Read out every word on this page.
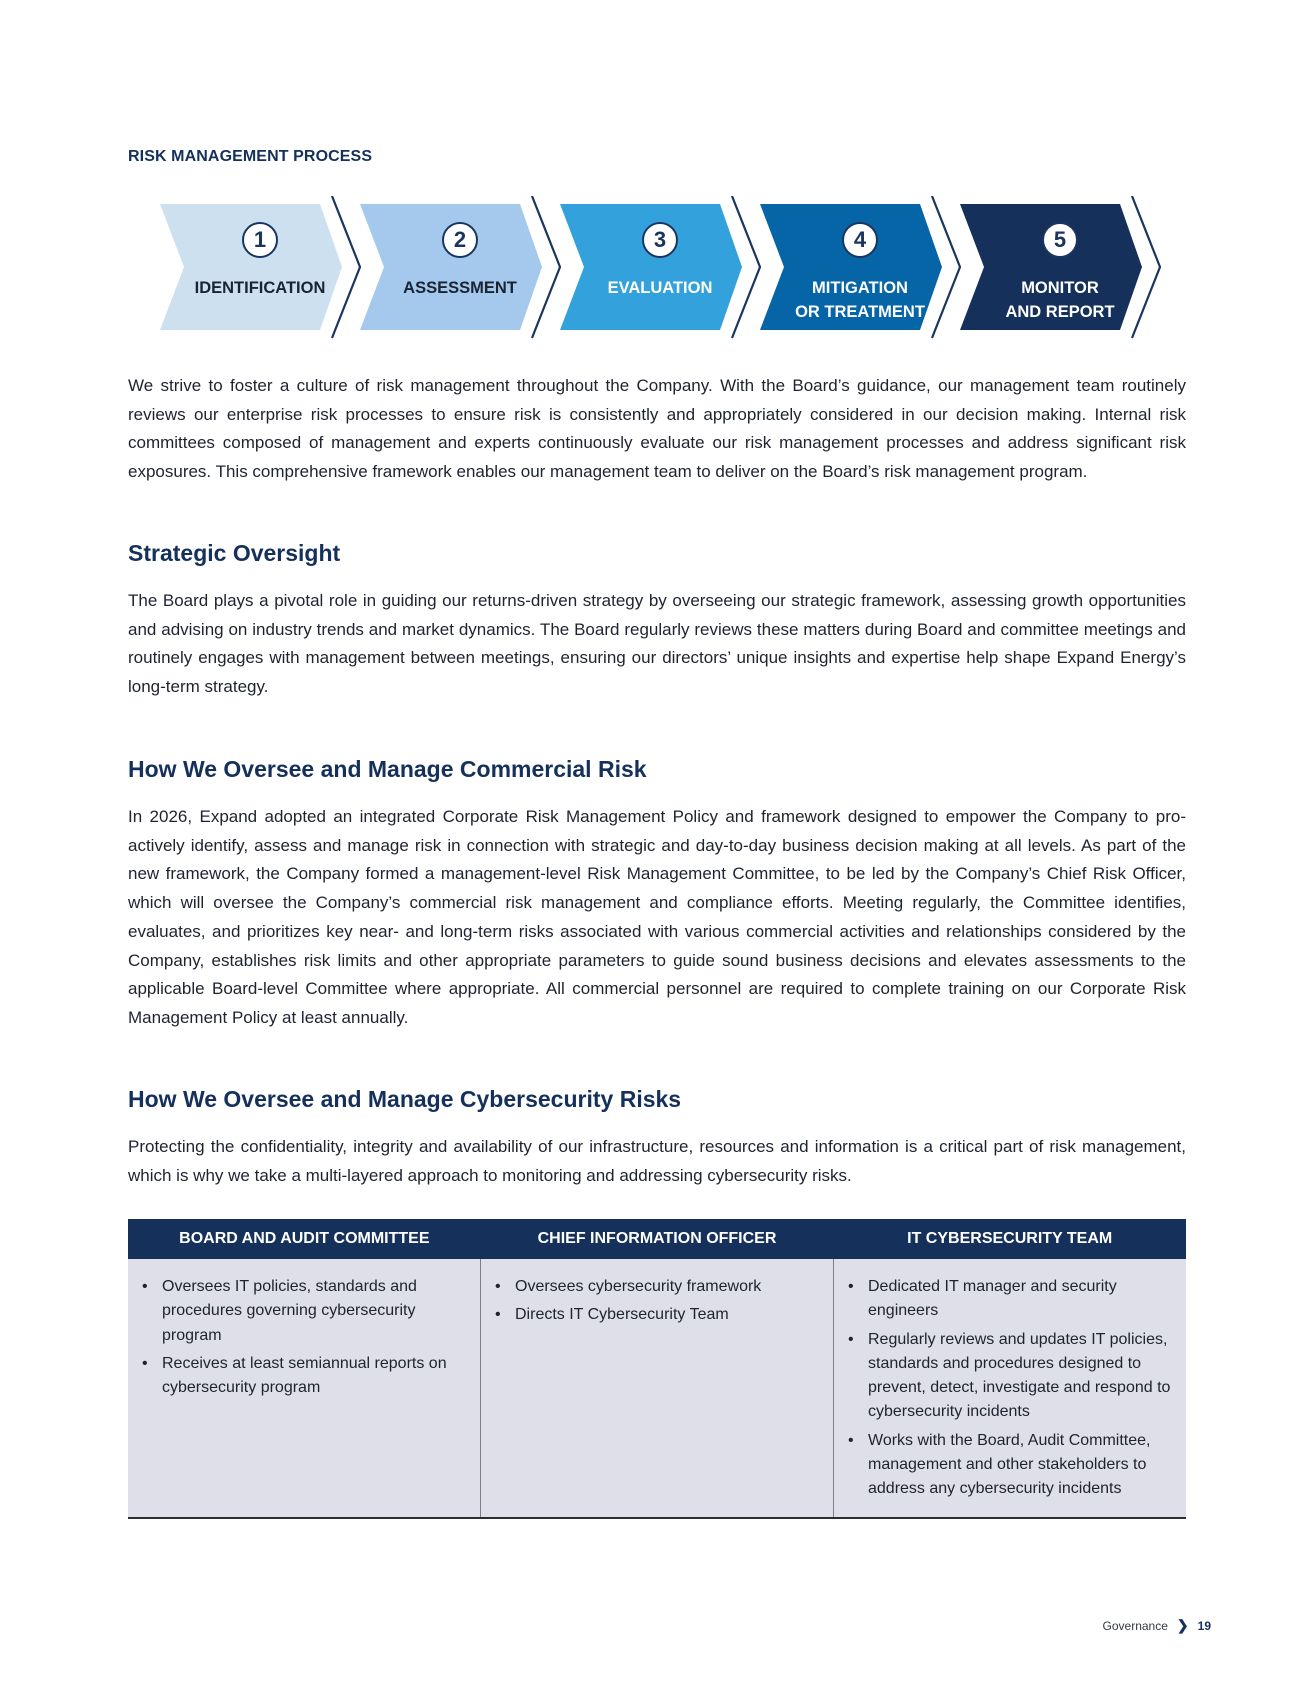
RISK MANAGEMENT PROCESS
1
IDENTIFICATION
2
ASSESSMENT
3
EVALUATION
4
MITIGATION
OR TREATMENT
5
MONITOR
AND REPORT

We strive to foster a culture of risk management throughout the Company. With the Board’s guidance, our management team routinely reviews our enterprise risk processes to ensure risk is consistently and appropriately considered in our decision making. Internal risk committees composed of management and experts continuously evaluate our risk management processes and address significant risk exposures. This comprehensive framework enables our management team to deliver on the Board’s risk management program.

Strategic Oversight

The Board plays a pivotal role in guiding our returns-driven strategy by overseeing our strategic framework, assessing growth opportunities and advising on industry trends and market dynamics. The Board regularly reviews these matters during Board and committee meetings and routinely engages with management between meetings, ensuring our directors’ unique insights and expertise help shape Expand Energy’s long-term strategy.

How We Oversee and Manage Commercial Risk

In 2026, Expand adopted an integrated Corporate Risk Management Policy and framework designed to empower the Company to proactively identify, assess and manage risk in connection with strategic and day-to-day business decision making at all levels. As part of the new framework, the Company formed a management-level Risk Management Committee, to be led by the Company’s Chief Risk Officer, which will oversee the Company’s commercial risk management and compliance efforts. Meeting regularly, the Committee identifies, evaluates, and prioritizes key near- and long-term risks associated with various commercial activities and relationships considered by the Company, establishes risk limits and other appropriate parameters to guide sound business decisions and elevates assessments to the applicable Board-level Committee where appropriate. All commercial personnel are required to complete training on our Corporate Risk Management Policy at least annually.

How We Oversee and Manage Cybersecurity Risks

Protecting the confidentiality, integrity and availability of our infrastructure, resources and information is a critical part of risk management, which is why we take a multi-layered approach to monitoring and addressing cybersecurity risks.

BOARD AND AUDIT COMMITTEE	CHIEF INFORMATION OFFICER	IT CYBERSECURITY TEAM
• Oversees IT policies, standards and procedures governing cybersecurity program
• Receives at least semiannual reports on cybersecurity program
• Oversees cybersecurity framework
• Directs IT Cybersecurity Team
• Dedicated IT manager and security engineers
• Regularly reviews and updates IT policies, standards and procedures designed to prevent, detect, investigate and respond to cybersecurity incidents
• Works with the Board, Audit Committee, management and other stakeholders to address any cybersecurity incidents
Governance ❯ 19
